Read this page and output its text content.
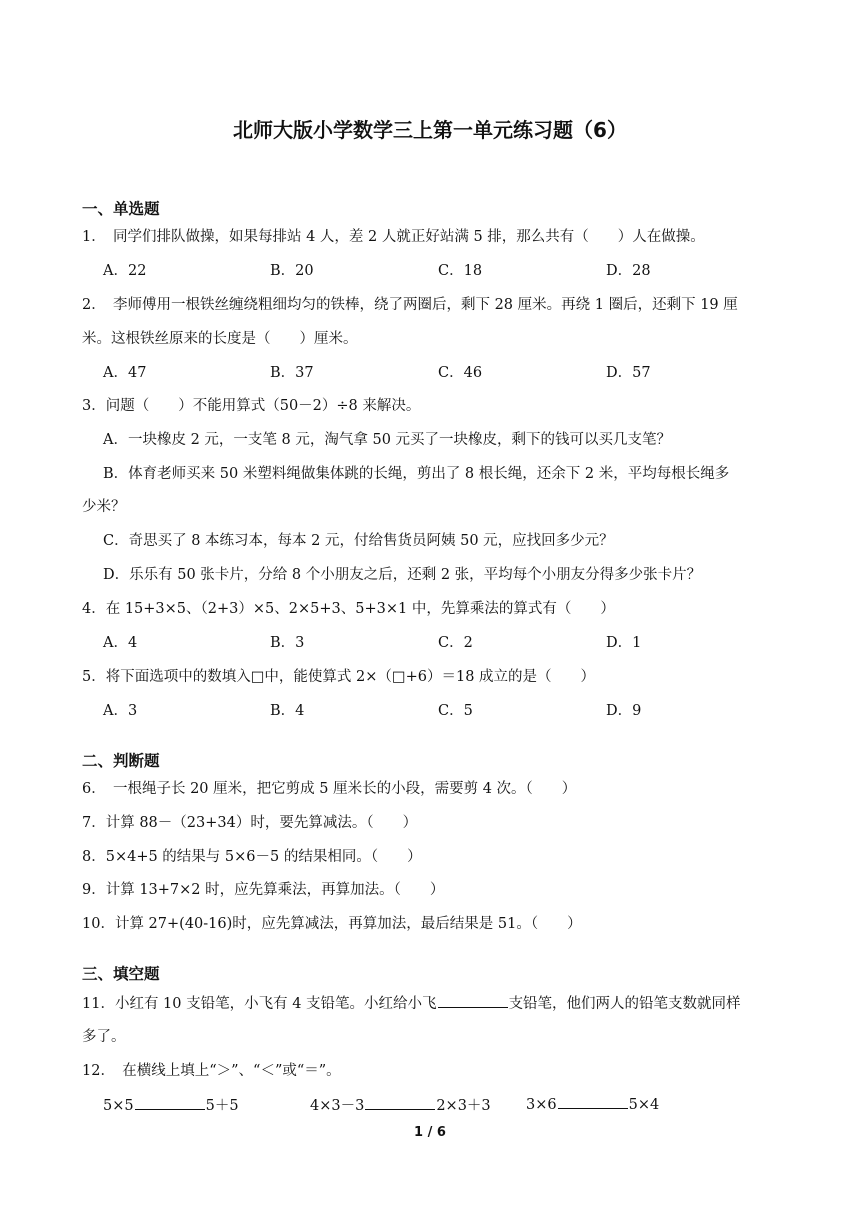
北师大版小学数学三上第一单元练习题（6）
一、单选题
1．　同学们排队做操，如果每排站 4 人，差 2 人就正好站满 5 排，那么共有（　　）人在做操。
A．22	B．20	C．18	D．28
2．　李师傅用一根铁丝缠绕粗细均匀的铁棒，绕了两圈后，剩下 28 厘米。再绕 1 圈后，还剩下 19 厘
米。这根铁丝原来的长度是（　　）厘米。
A．47	B．37	C．46	D．57
3．问题（　　）不能用算式（50－2）÷8 来解决。
A．一块橡皮 2 元，一支笔 8 元，淘气拿 50 元买了一块橡皮，剩下的钱可以买几支笔？
B．体育老师买来 50 米塑料绳做集体跳的长绳，剪出了 8 根长绳，还余下 2 米，平均每根长绳多
少米？
C．奇思买了 8 本练习本，每本 2 元，付给售货员阿姨 50 元，应找回多少元？
D．乐乐有 50 张卡片，分给 8 个小朋友之后，还剩 2 张，平均每个小朋友分得多少张卡片？
4．在 15+3×5、（2+3）×5、2×5+3、5+3×1 中，先算乘法的算式有（　　）
A．4	B．3	C．2	D．1
5．将下面选项中的数填入□中，能使算式 2×（□+6）＝18 成立的是（　　）
A．3	B．4	C．5	D．9
二、判断题
6．　一根绳子长 20 厘米，把它剪成 5 厘米长的小段，需要剪 4 次。（　　）
7．计算 88－（23+34）时，要先算减法。（　　）
8．5×4+5 的结果与 5×6－5 的结果相同。（　　）
9．计算 13+7×2 时，应先算乘法，再算加法。（　　）
10．计算 27+(40-16)时，应先算减法，再算加法，最后结果是 51。（　　）
三、填空题
11．小红有 10 支铅笔，小飞有 4 支铅笔。小红给小飞	支铅笔，他们两人的铅笔支数就同样
多了。
12．　在横线上填上“＞”、“＜”或“＝”。
5×5	5＋5	4×3－3	2×3＋3 3×6	5×4
1 / 6
